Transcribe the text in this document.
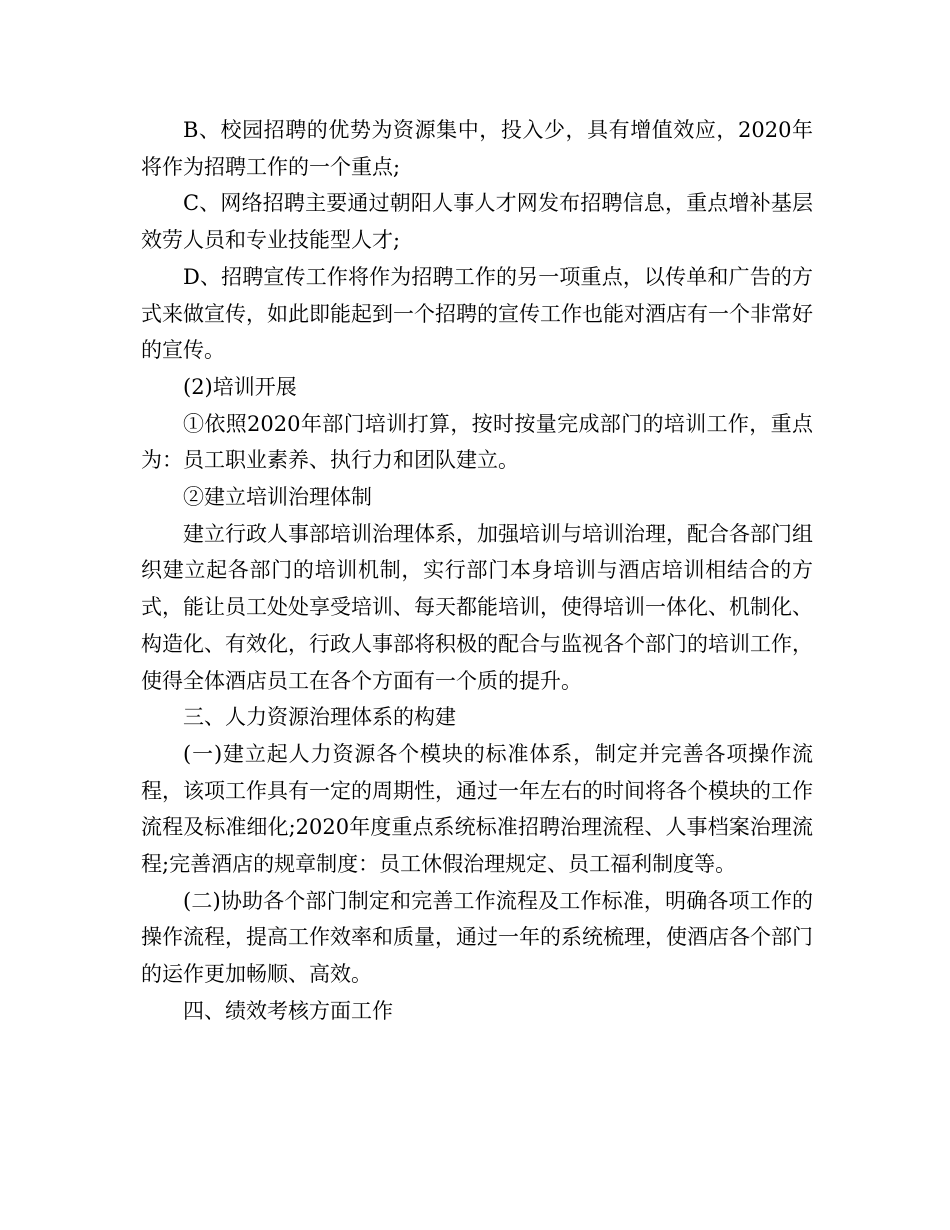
B、校园招聘的优势为资源集中，投入少，具有增值效应，2020年将作为招聘工作的一个重点;

C、网络招聘主要通过朝阳人事人才网发布招聘信息，重点增补基层效劳人员和专业技能型人才;

D、招聘宣传工作将作为招聘工作的另一项重点，以传单和广告的方式来做宣传，如此即能起到一个招聘的宣传工作也能对酒店有一个非常好的宣传。

(2)培训开展

①依照2020年部门培训打算，按时按量完成部门的培训工作，重点为：员工职业素养、执行力和团队建立。

②建立培训治理体制

建立行政人事部培训治理体系，加强培训与培训治理，配合各部门组织建立起各部门的培训机制，实行部门本身培训与酒店培训相结合的方式，能让员工处处享受培训、每天都能培训，使得培训一体化、机制化、构造化、有效化，行政人事部将积极的配合与监视各个部门的培训工作，使得全体酒店员工在各个方面有一个质的提升。

三、人力资源治理体系的构建

(一)建立起人力资源各个模块的标准体系，制定并完善各项操作流程，该项工作具有一定的周期性，通过一年左右的时间将各个模块的工作流程及标准细化;2020年度重点系统标准招聘治理流程、人事档案治理流程;完善酒店的规章制度：员工休假治理规定、员工福利制度等。

(二)协助各个部门制定和完善工作流程及工作标准，明确各项工作的操作流程，提高工作效率和质量，通过一年的系统梳理，使酒店各个部门的运作更加畅顺、高效。

四、绩效考核方面工作
